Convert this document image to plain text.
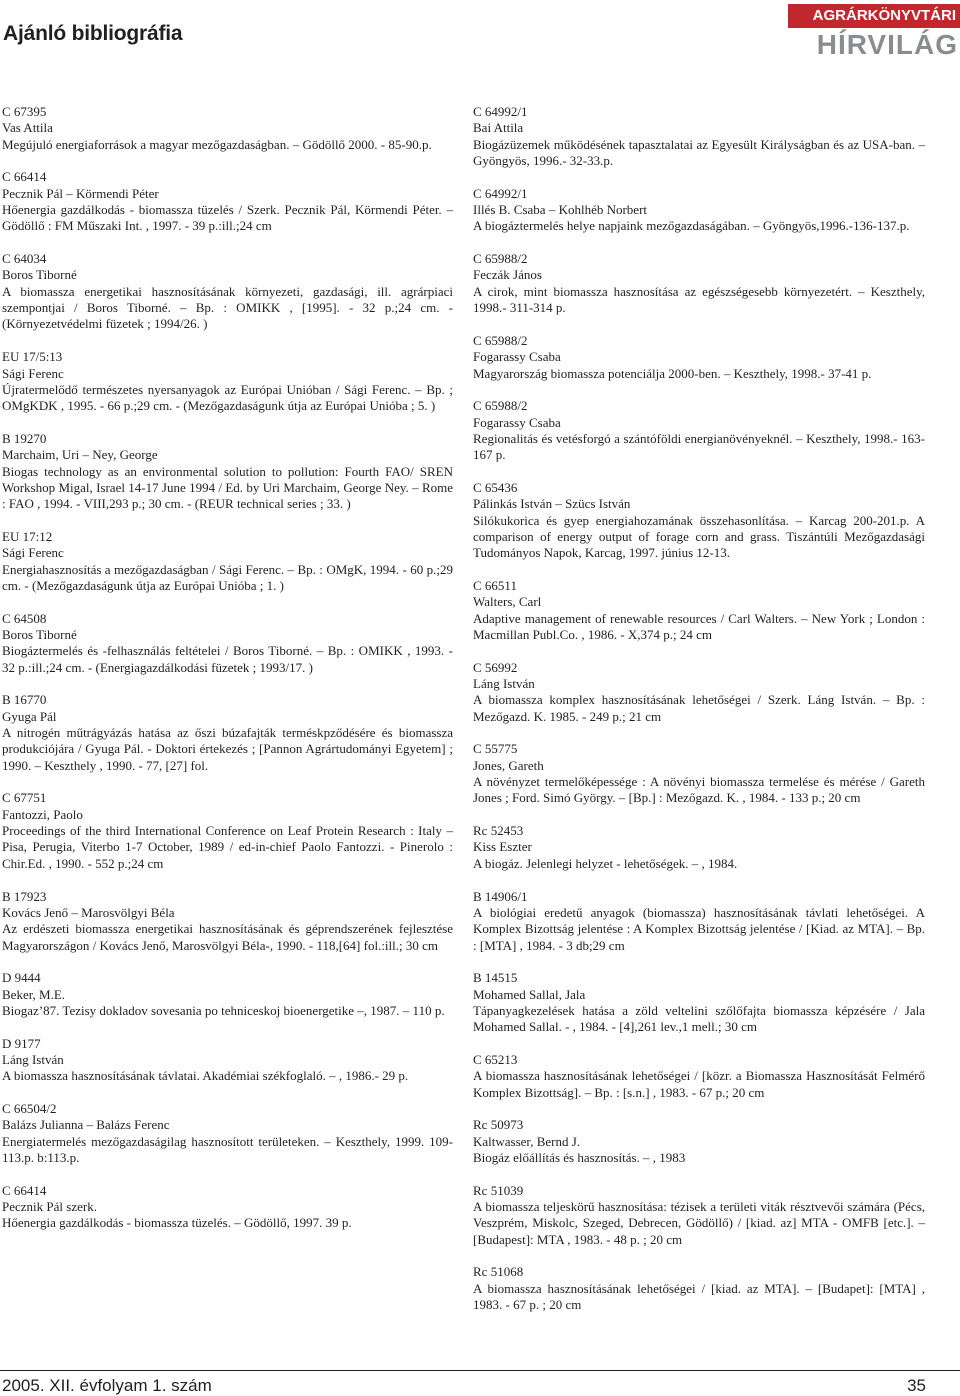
Ajánló bibliográfia
AGRÁRKÖNYVTÁRI
HÍRVILÁG
C 67395
Vas Attila
Megújuló energiaforrások a magyar mezőgazdaságban. – Gödöllő 2000. - 85-90.p.
C 66414
Pecznik Pál – Körmendi Péter
Hőenergia gazdálkodás - biomassza tüzelés / Szerk. Pecznik Pál, Körmendi Péter. – Gödöllő : FM Műszaki Int. , 1997. - 39 p.:ill.;24 cm
C 64034
Boros Tiborné
A biomassza energetikai hasznosításának környezeti, gazdasági, ill. agrárpiaci szempontjai / Boros Tiborné. – Bp. : OMIKK , [1995]. - 32 p.;24 cm. - (Környezetvédelmi füzetek ; 1994/26. )
EU 17/5:13
Sági Ferenc
Újratermelődő természetes nyersanyagok az Európai Unióban / Sági Ferenc. – Bp. ; OMgKDK , 1995. - 66 p.;29 cm. - (Mezőgazdaságunk útja az Európai Unióba ; 5. )
B 19270
Marchaim, Uri – Ney, George
Biogas technology as an environmental solution to pollution: Fourth FAO/ SREN Workshop Migal, Israel 14-17 June 1994 / Ed. by Uri Marchaim, George Ney. – Rome : FAO , 1994. - VIII,293 p.; 30 cm. - (REUR technical series ; 33. )
EU 17:12
Sági Ferenc
Energiahasznosítás a mezőgazdaságban / Sági Ferenc. – Bp. : OMgK, 1994. - 60 p.;29 cm. - (Mezőgazdaságunk útja az Európai Unióba ; 1. )
C 64508
Boros Tiborné
Biogáztermelés és -felhasználás feltételei / Boros Tiborné. – Bp. : OMIKK , 1993. - 32 p.:ill.;24 cm. - (Energiagazdálkodási füzetek ; 1993/17. )
B 16770
Gyuga Pál
A nitrogén műtrágyázás hatása az őszi búzafajták terméskpződésére és biomassza produkciójára / Gyuga Pál. - Doktori értekezés ; [Pannon Agrártudományi Egyetem] ; 1990. – Keszthely , 1990. - 77, [27] fol.
C 67751
Fantozzi, Paolo
Proceedings of the third International Conference on Leaf Protein Research : Italy – Pisa, Perugia, Viterbo 1-7 October, 1989 / ed-in-chief Paolo Fantozzi. - Pinerolo : Chir.Ed. , 1990. - 552 p.;24 cm
B 17923
Kovács Jenő – Marosvölgyi Béla
Az erdészeti biomassza energetikai hasznosításának és géprendszerének fejlesztése Magyarországon / Kovács Jenő, Marosvölgyi Béla-, 1990. - 118,[64] fol.:ill.; 30 cm
D 9444
Beker, M.E.
Biogaz’87. Tezisy dokladov sovesania po tehniceskoj bioenergetike –, 1987. – 110 p.
D 9177
Láng István
A biomassza hasznosításának távlatai. Akadémiai székfoglaló. – , 1986.- 29 p.
C 66504/2
Balázs Julianna – Balázs Ferenc
Energiatermelés mezőgazdaságilag hasznosított területeken. – Keszthely, 1999. 109-113.p. b:113.p.
C 66414
Pecznik Pál szerk.
Hőenergia gazdálkodás - biomassza tüzelés. – Gödöllő, 1997. 39 p.
C 64992/1
Bai Attila
Biogázüzemek működésének tapasztalatai az Egyesült Királyságban és az USA-ban. – Gyöngyös, 1996.- 32-33.p.
C 64992/1
Illés B. Csaba – Kohlhéb Norbert
A biogáztermelés helye napjaink mezőgazdaságában. – Gyöngyös,1996.-136-137.p.
C 65988/2
Feczák János
A cirok, mint biomassza hasznosítása az egészségesebb környezetért. – Keszthely, 1998.- 311-314 p.
C 65988/2
Fogarassy Csaba
Magyarország biomassza potenciálja 2000-ben. – Keszthely, 1998.- 37-41 p.
C 65988/2
Fogarassy Csaba
Regionalitás és vetésforgó a szántóföldi energianövényeknél. – Keszthely, 1998.- 163-167 p.
C 65436
Pálinkás István – Szücs István
Silókukorica és gyep energiahozamának összehasonlítása. – Karcag 200-201.p. A comparison of energy output of forage corn and grass. Tiszántúli Mezőgazdasági Tudományos Napok, Karcag, 1997. június 12-13.
C 66511
Walters, Carl
Adaptive management of renewable resources / Carl Walters. – New York ; London : Macmillan Publ.Co. , 1986. - X,374 p.; 24 cm
C 56992
Láng István
A biomassza komplex hasznosításának lehetőségei / Szerk. Láng István. – Bp. : Mezőgazd. K. 1985. - 249 p.; 21 cm
C 55775
Jones, Gareth
A növényzet termelőképessége : A növényi biomassza termelése és mérése / Gareth Jones ; Ford. Simó György. – [Bp.] : Mezőgazd. K. , 1984. - 133 p.; 20 cm
Rc 52453
Kiss Eszter
A biogáz. Jelenlegi helyzet - lehetőségek. – , 1984.
B 14906/1
A biológiai eredetű anyagok (biomassza) hasznosításának távlati lehetőségei. A Komplex Bizottság jelentése : A Komplex Bizottság jelentése / [Kiad. az MTA]. – Bp. : [MTA] , 1984. - 3 db;29 cm
B 14515
Mohamed Sallal, Jala
Tápanyagkezelések hatása a zöld veltelini szőlőfajta biomassza képzésére / Jala Mohamed Sallal. - , 1984. - [4],261 lev.,1 mell.; 30 cm
C 65213
A biomassza hasznosításának lehetőségei / [közr. a Biomassza Hasznosítását Felmérő Komplex Bizottság]. – Bp. : [s.n.] , 1983. - 67 p.; 20 cm
Rc 50973
Kaltwasser, Bernd J.
Biogáz előállítás és hasznosítás. – , 1983
Rc 51039
A biomassza teljeskörű hasznosítása: tézisek a területi viták résztvevői számára (Pécs, Veszprém, Miskolc, Szeged, Debrecen, Gödöllő) / [kiad. az] MTA - OMFB [etc.]. – [Budapest]: MTA , 1983. - 48 p. ; 20 cm
Rc 51068
A biomassza hasznosításának lehetőségei / [kiad. az MTA]. – [Budapet]: [MTA] , 1983. - 67 p. ; 20 cm
2005. XII. évfolyam 1. szám	35
